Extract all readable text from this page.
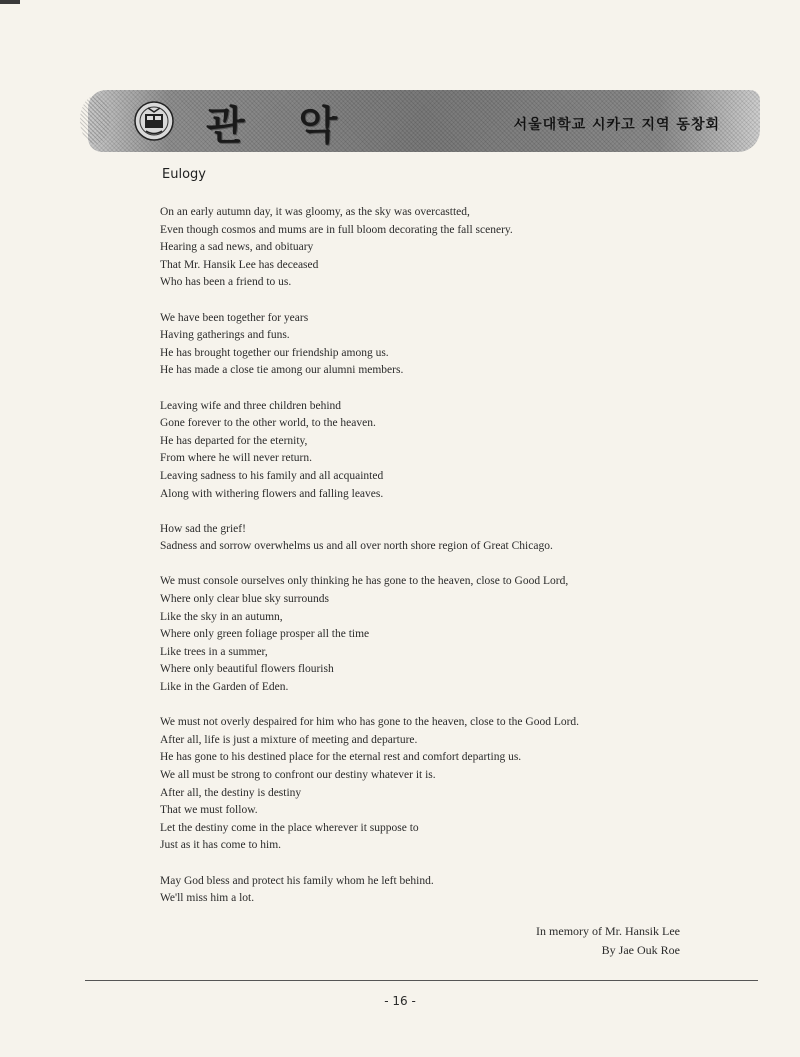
관 악	서울대학교 시카고 지역 동창회
Eulogy
On an early autumn day, it was gloomy, as the sky was overcastted,
Even though cosmos and mums are in full bloom decorating the fall scenery.
Hearing a sad news, and obituary
That Mr. Hansik Lee has deceased
Who has been a friend to us.
We have been together for years
Having gatherings and funs.
He has brought together our friendship among us.
He has made a close tie among our alumni members.
Leaving wife and three children behind
Gone forever to the other world, to the heaven.
He has departed for the eternity,
From where he will never return.
Leaving sadness to his family and all acquainted
Along with withering flowers and falling leaves.
How sad the grief!
Sadness and sorrow overwhelms us and all over north shore region of Great Chicago.
We must console ourselves only thinking he has gone to the heaven, close to Good Lord,
Where only clear blue sky surrounds
Like the sky in an autumn,
Where only green foliage prosper all the time
Like trees in a summer,
Where only beautiful flowers flourish
Like in the Garden of Eden.
We must not overly despaired for him who has gone to the heaven, close to the Good Lord.
After all, life is just a mixture of meeting and departure.
He has gone to his destined place for the eternal rest and comfort departing us.
We all must be strong to confront our destiny whatever it is.
After all, the destiny is destiny
That we must follow.
Let the destiny come in the place wherever it suppose to
Just as it has come to him.
May God bless and protect his family whom he left behind.
We'll miss him a lot.
In memory of Mr. Hansik Lee
By Jae Ouk Roe
- 16 -
